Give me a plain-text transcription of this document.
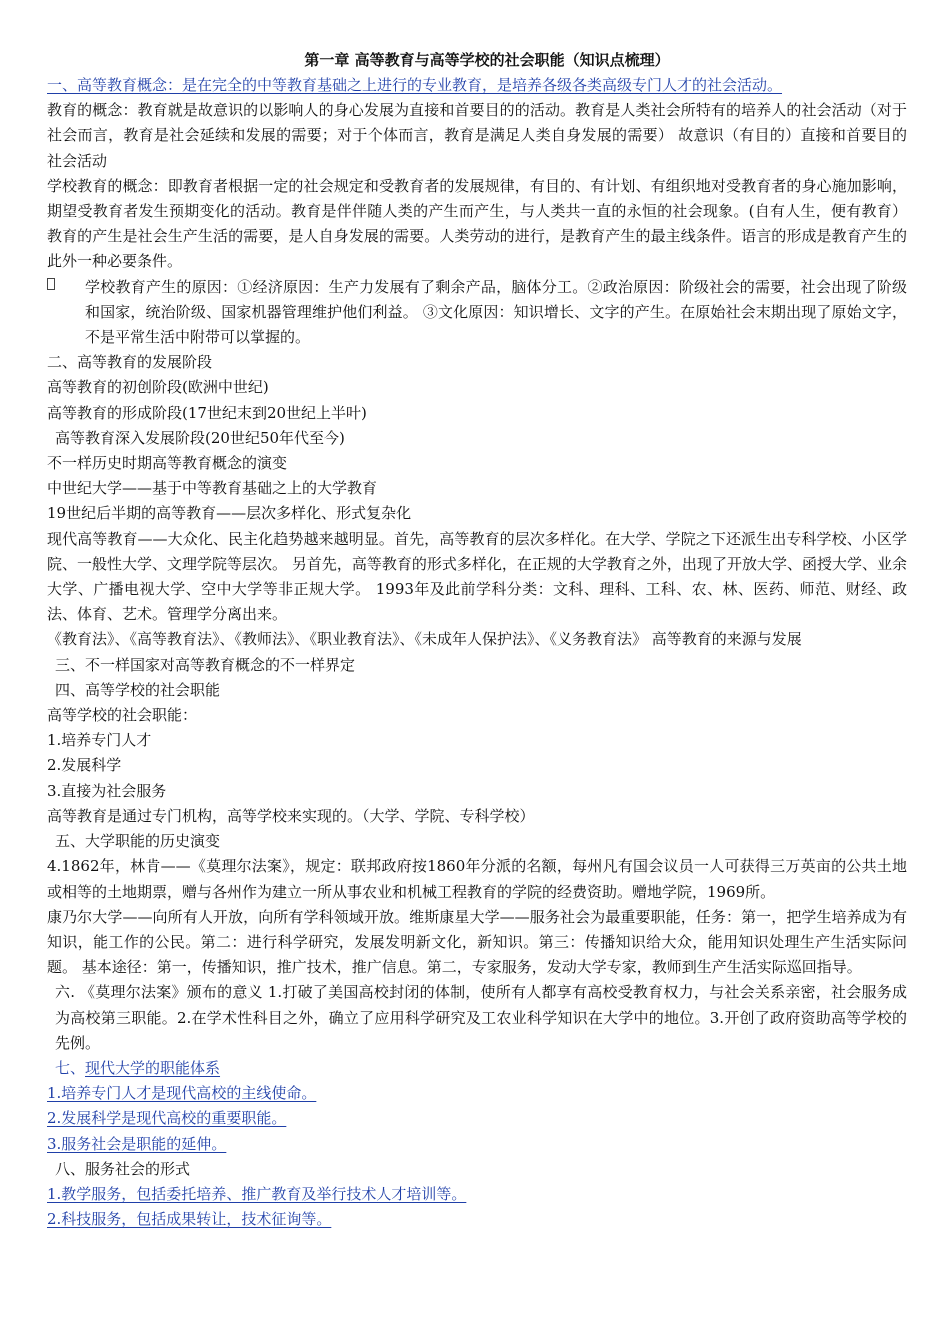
第一章 高等教育与高等学校的社会职能（知识点梳理）

一、高等教育概念：是在完全的中等教育基础之上进行的专业教育，是培养各级各类高级专门人才的社会活动。

教育的概念：教育就是故意识的以影响人的身心发展为直接和首要目的的活动。教育是人类社会所特有的培养人的社会活动（对于社会而言，教育是社会延续和发展的需要；对于个体而言，教育是满足人类自身发展的需要） 故意识（有目的）直接和首要目的 社会活动

学校教育的概念：即教育者根据一定的社会规定和受教育者的发展规律，有目的、有计划、有组织地对受教育者的身心施加影响，期望受教育者发生预期变化的活动。教育是伴伴随人类的产生而产生，与人类共一直的永恒的社会现象。(自有人生，便有教育）教育的产生是社会生产生活的需要，是人自身发展的需要。人类劳动的进行，是教育产生的最主线条件。语言的形成是教育产生的此外一种必要条件。

学校教育产生的原因：①经济原因：生产力发展有了剩余产品，脑体分工。②政治原因：阶级社会的需要，社会出现了阶级和国家，统治阶级、国家机器管理维护他们利益。 ③文化原因：知识增长、文字的产生。在原始社会末期出现了原始文字，不是平常生活中附带可以掌握的。

二、高等教育的发展阶段

高等教育的初创阶段(欧洲中世纪)

高等教育的形成阶段(17世纪末到20世纪上半叶)

高等教育深入发展阶段(20世纪50年代至今)

不一样历史时期高等教育概念的演变

中世纪大学——基于中等教育基础之上的大学教育

19世纪后半期的高等教育——层次多样化、形式复杂化

现代高等教育——大众化、民主化趋势越来越明显。首先，高等教育的层次多样化。在大学、学院之下还派生出专科学校、小区学院、一般性大学、文理学院等层次。 另首先，高等教育的形式多样化，在正规的大学教育之外，出现了开放大学、函授大学、业余大学、广播电视大学、空中大学等非正规大学。 1993年及此前学科分类：文科、理科、工科、农、林、医药、师范、财经、政法、体育、艺术。管理学分离出来。

《教育法》、《高等教育法》、《教师法》、《职业教育法》、《未成年人保护法》、《义务教育法》 高等教育的来源与发展

三、不一样国家对高等教育概念的不一样界定

四、高等学校的社会职能

高等学校的社会职能：

1.培养专门人才

2.发展科学

3.直接为社会服务

高等教育是通过专门机构，高等学校来实现的。（大学、学院、专科学校）

五、大学职能的历史演变

4.1862年，林肯——《莫理尔法案》，规定：联邦政府按1860年分派的名额，每州凡有国会议员一人可获得三万英亩的公共土地或相等的土地期票，赠与各州作为建立一所从事农业和机械工程教育的学院的经费资助。赠地学院，1969所。

康乃尔大学——向所有人开放，向所有学科领域开放。维斯康星大学——服务社会为最重要职能，任务：第一，把学生培养成为有知识，能工作的公民。第二：进行科学研究，发展发明新文化，新知识。第三：传播知识给大众，能用知识处理生产生活实际问题。 基本途径：第一，传播知识，推广技术，推广信息。第二，专家服务，发动大学专家，教师到生产生活实际巡回指导。

六. 《莫理尔法案》颁布的意义 1.打破了美国高校封闭的体制，使所有人都享有高校受教育权力，与社会关系亲密，社会服务成为高校第三职能。2.在学术性科目之外，确立了应用科学研究及工农业科学知识在大学中的地位。3.开创了政府资助高等学校的先例。

七、现代大学的职能体系

1.培养专门人才是现代高校的主线使命。

2.发展科学是现代高校的重要职能。

3.服务社会是职能的延伸。

八、服务社会的形式

1.教学服务，包括委托培养、推广教育及举行技术人才培训等。

2.科技服务，包括成果转让，技术征询等。
